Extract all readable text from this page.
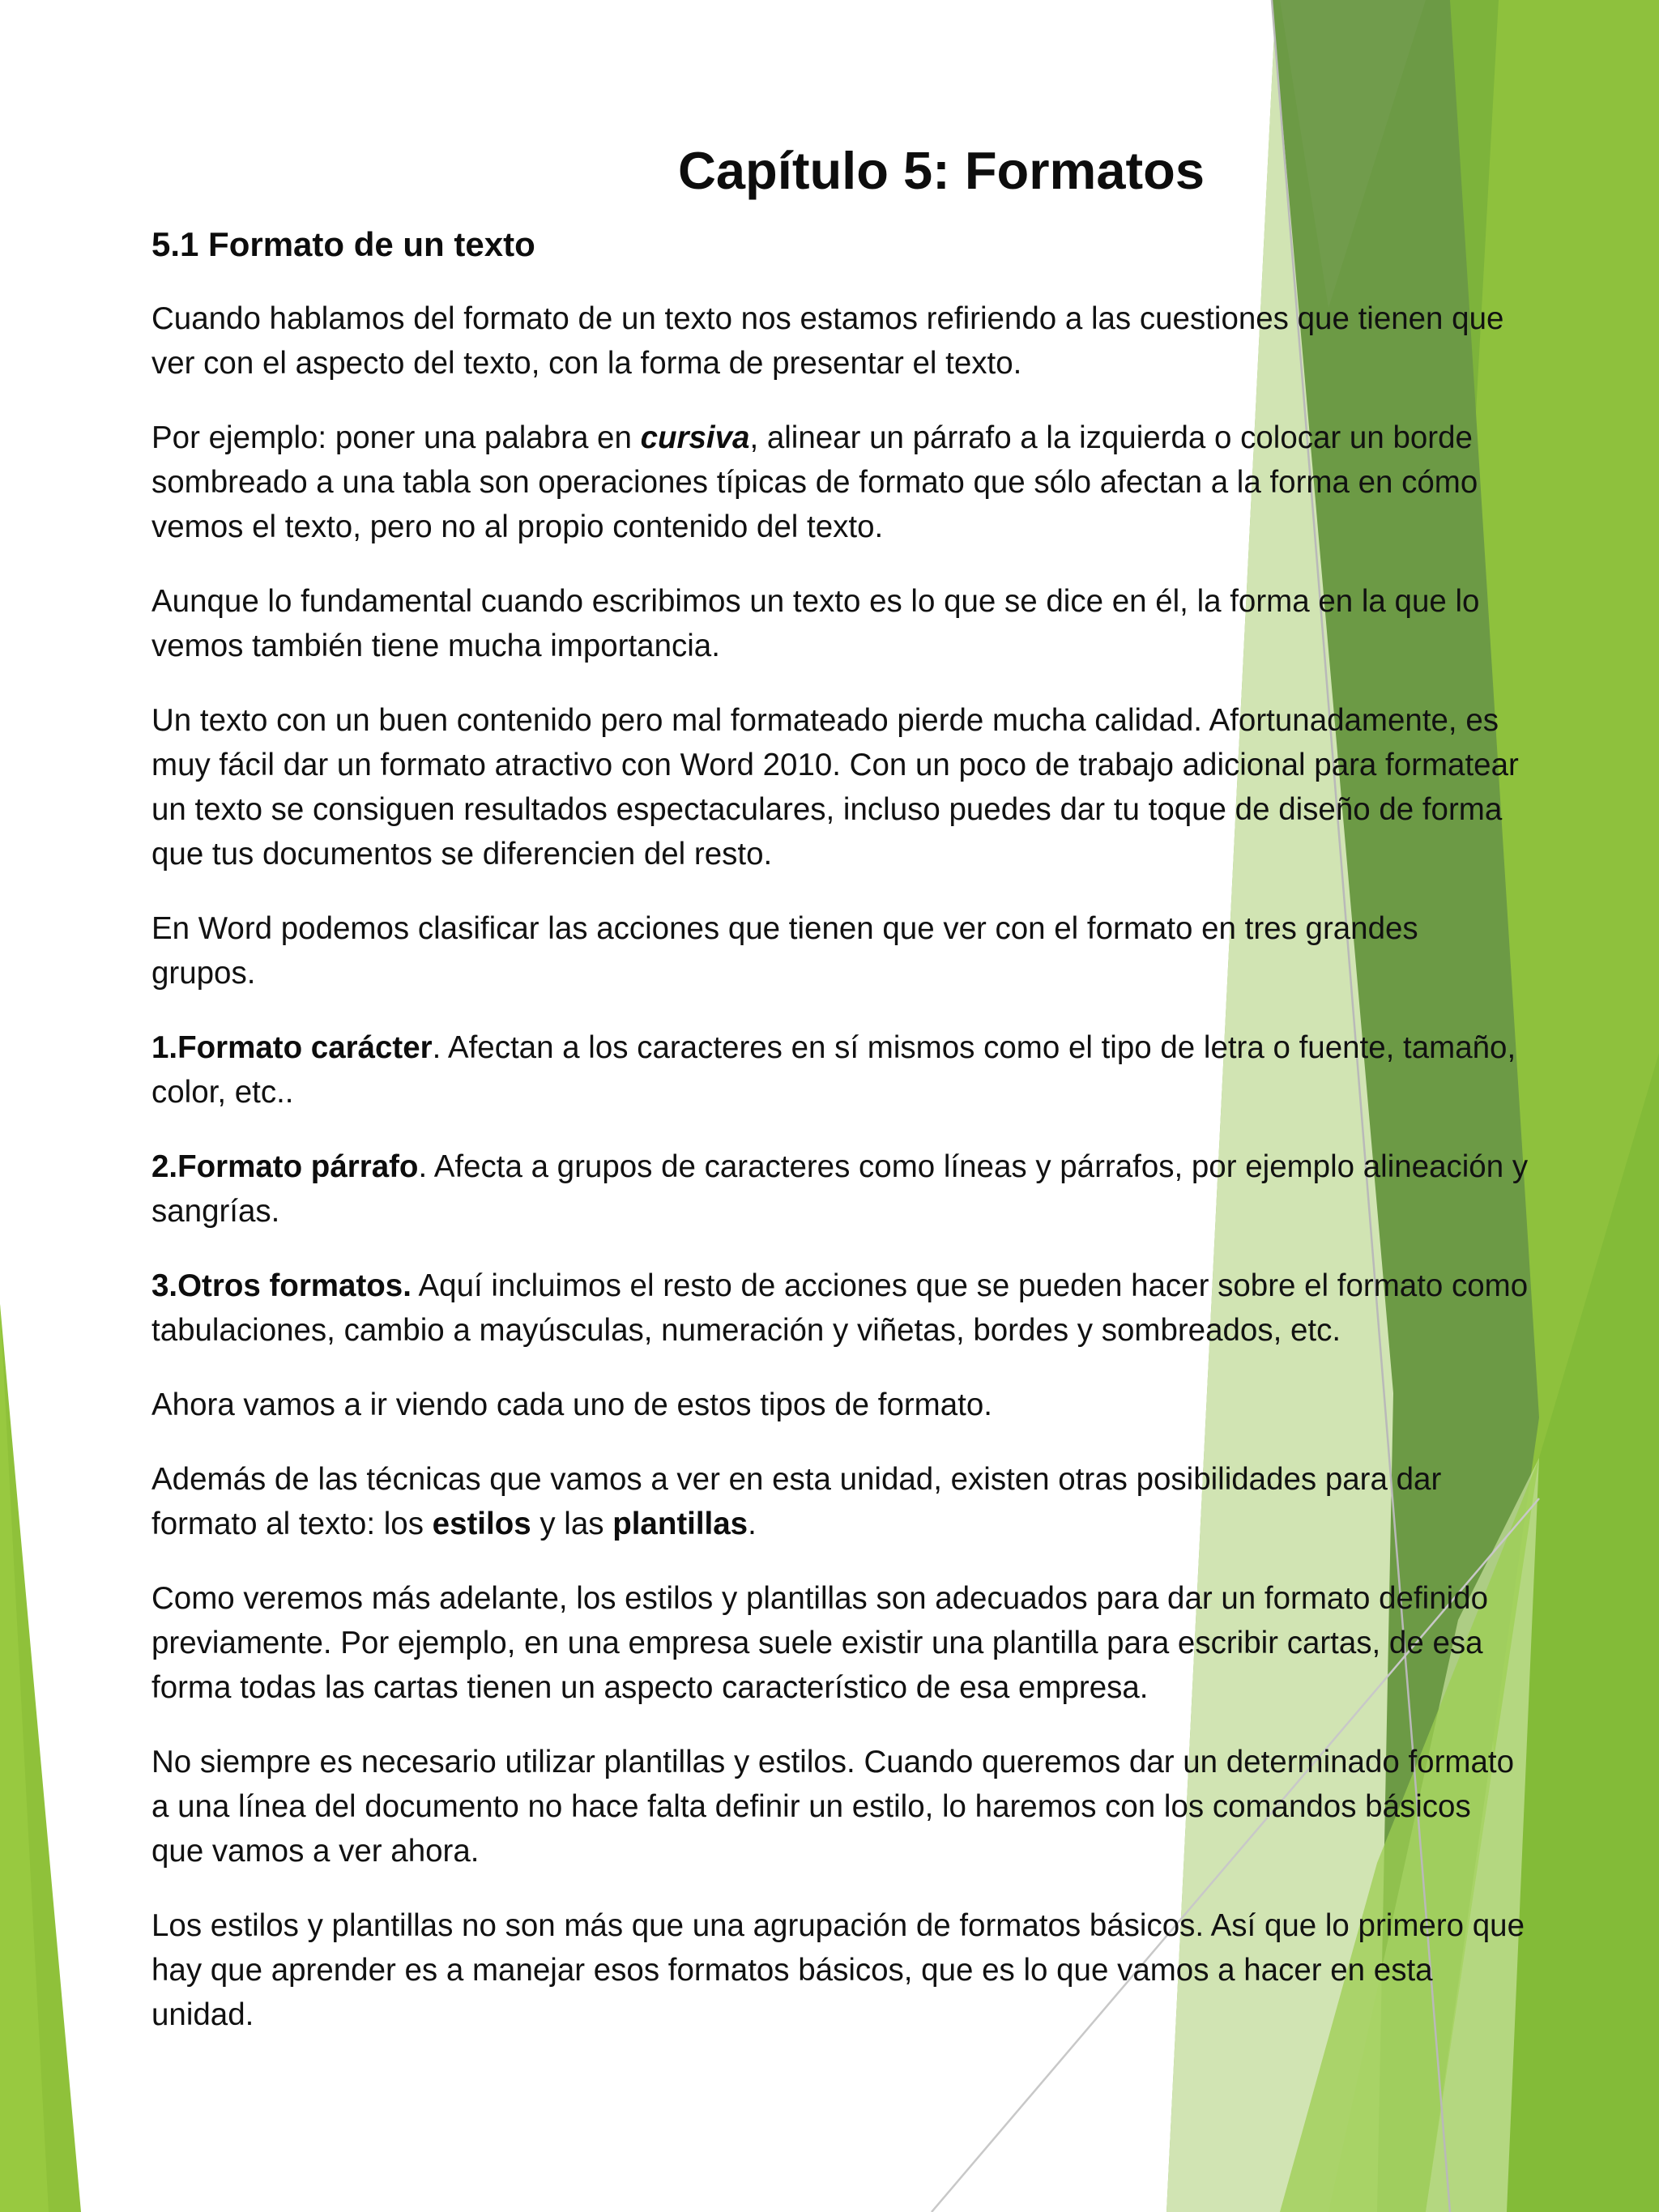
Capítulo 5: Formatos
5.1 Formato de un texto

Cuando hablamos del formato de un texto nos estamos refiriendo a las cuestiones que tienen que ver con el aspecto del texto, con la forma de presentar el texto.

Por ejemplo: poner una palabra en cursiva, alinear un párrafo a la izquierda o colocar un borde sombreado a una tabla son operaciones típicas de formato que sólo afectan a la forma en cómo vemos el texto, pero no al propio contenido del texto.

Aunque lo fundamental cuando escribimos un texto es lo que se dice en él, la forma en la que lo vemos también tiene mucha importancia.

Un texto con un buen contenido pero mal formateado pierde mucha calidad. Afortunadamente, es muy fácil dar un formato atractivo con Word 2010. Con un poco de trabajo adicional para formatear un texto se consiguen resultados espectaculares, incluso puedes dar tu toque de diseño de forma que tus documentos se diferencien del resto.

En Word podemos clasificar las acciones que tienen que ver con el formato en tres grandes grupos.

1.Formato carácter. Afectan a los caracteres en sí mismos como el tipo de letra o fuente, tamaño, color, etc..

2.Formato párrafo. Afecta a grupos de caracteres como líneas y párrafos, por ejemplo alineación y sangrías.

3.Otros formatos. Aquí incluimos el resto de acciones que se pueden hacer sobre el formato como tabulaciones, cambio a mayúsculas, numeración y viñetas, bordes y sombreados, etc.

Ahora vamos a ir viendo cada uno de estos tipos de formato.

Además de las técnicas que vamos a ver en esta unidad, existen otras posibilidades para dar formato al texto: los estilos y las plantillas.

Como veremos más adelante, los estilos y plantillas son adecuados para dar un formato definido previamente. Por ejemplo, en una empresa suele existir una plantilla para escribir cartas, de esa forma todas las cartas tienen un aspecto característico de esa empresa.

No siempre es necesario utilizar plantillas y estilos. Cuando queremos dar un determinado formato a una línea del documento no hace falta definir un estilo, lo haremos con los comandos básicos que vamos a ver ahora.

Los estilos y plantillas no son más que una agrupación de formatos básicos. Así que lo primero que hay que aprender es a manejar esos formatos básicos, que es lo que vamos a hacer en esta unidad.
